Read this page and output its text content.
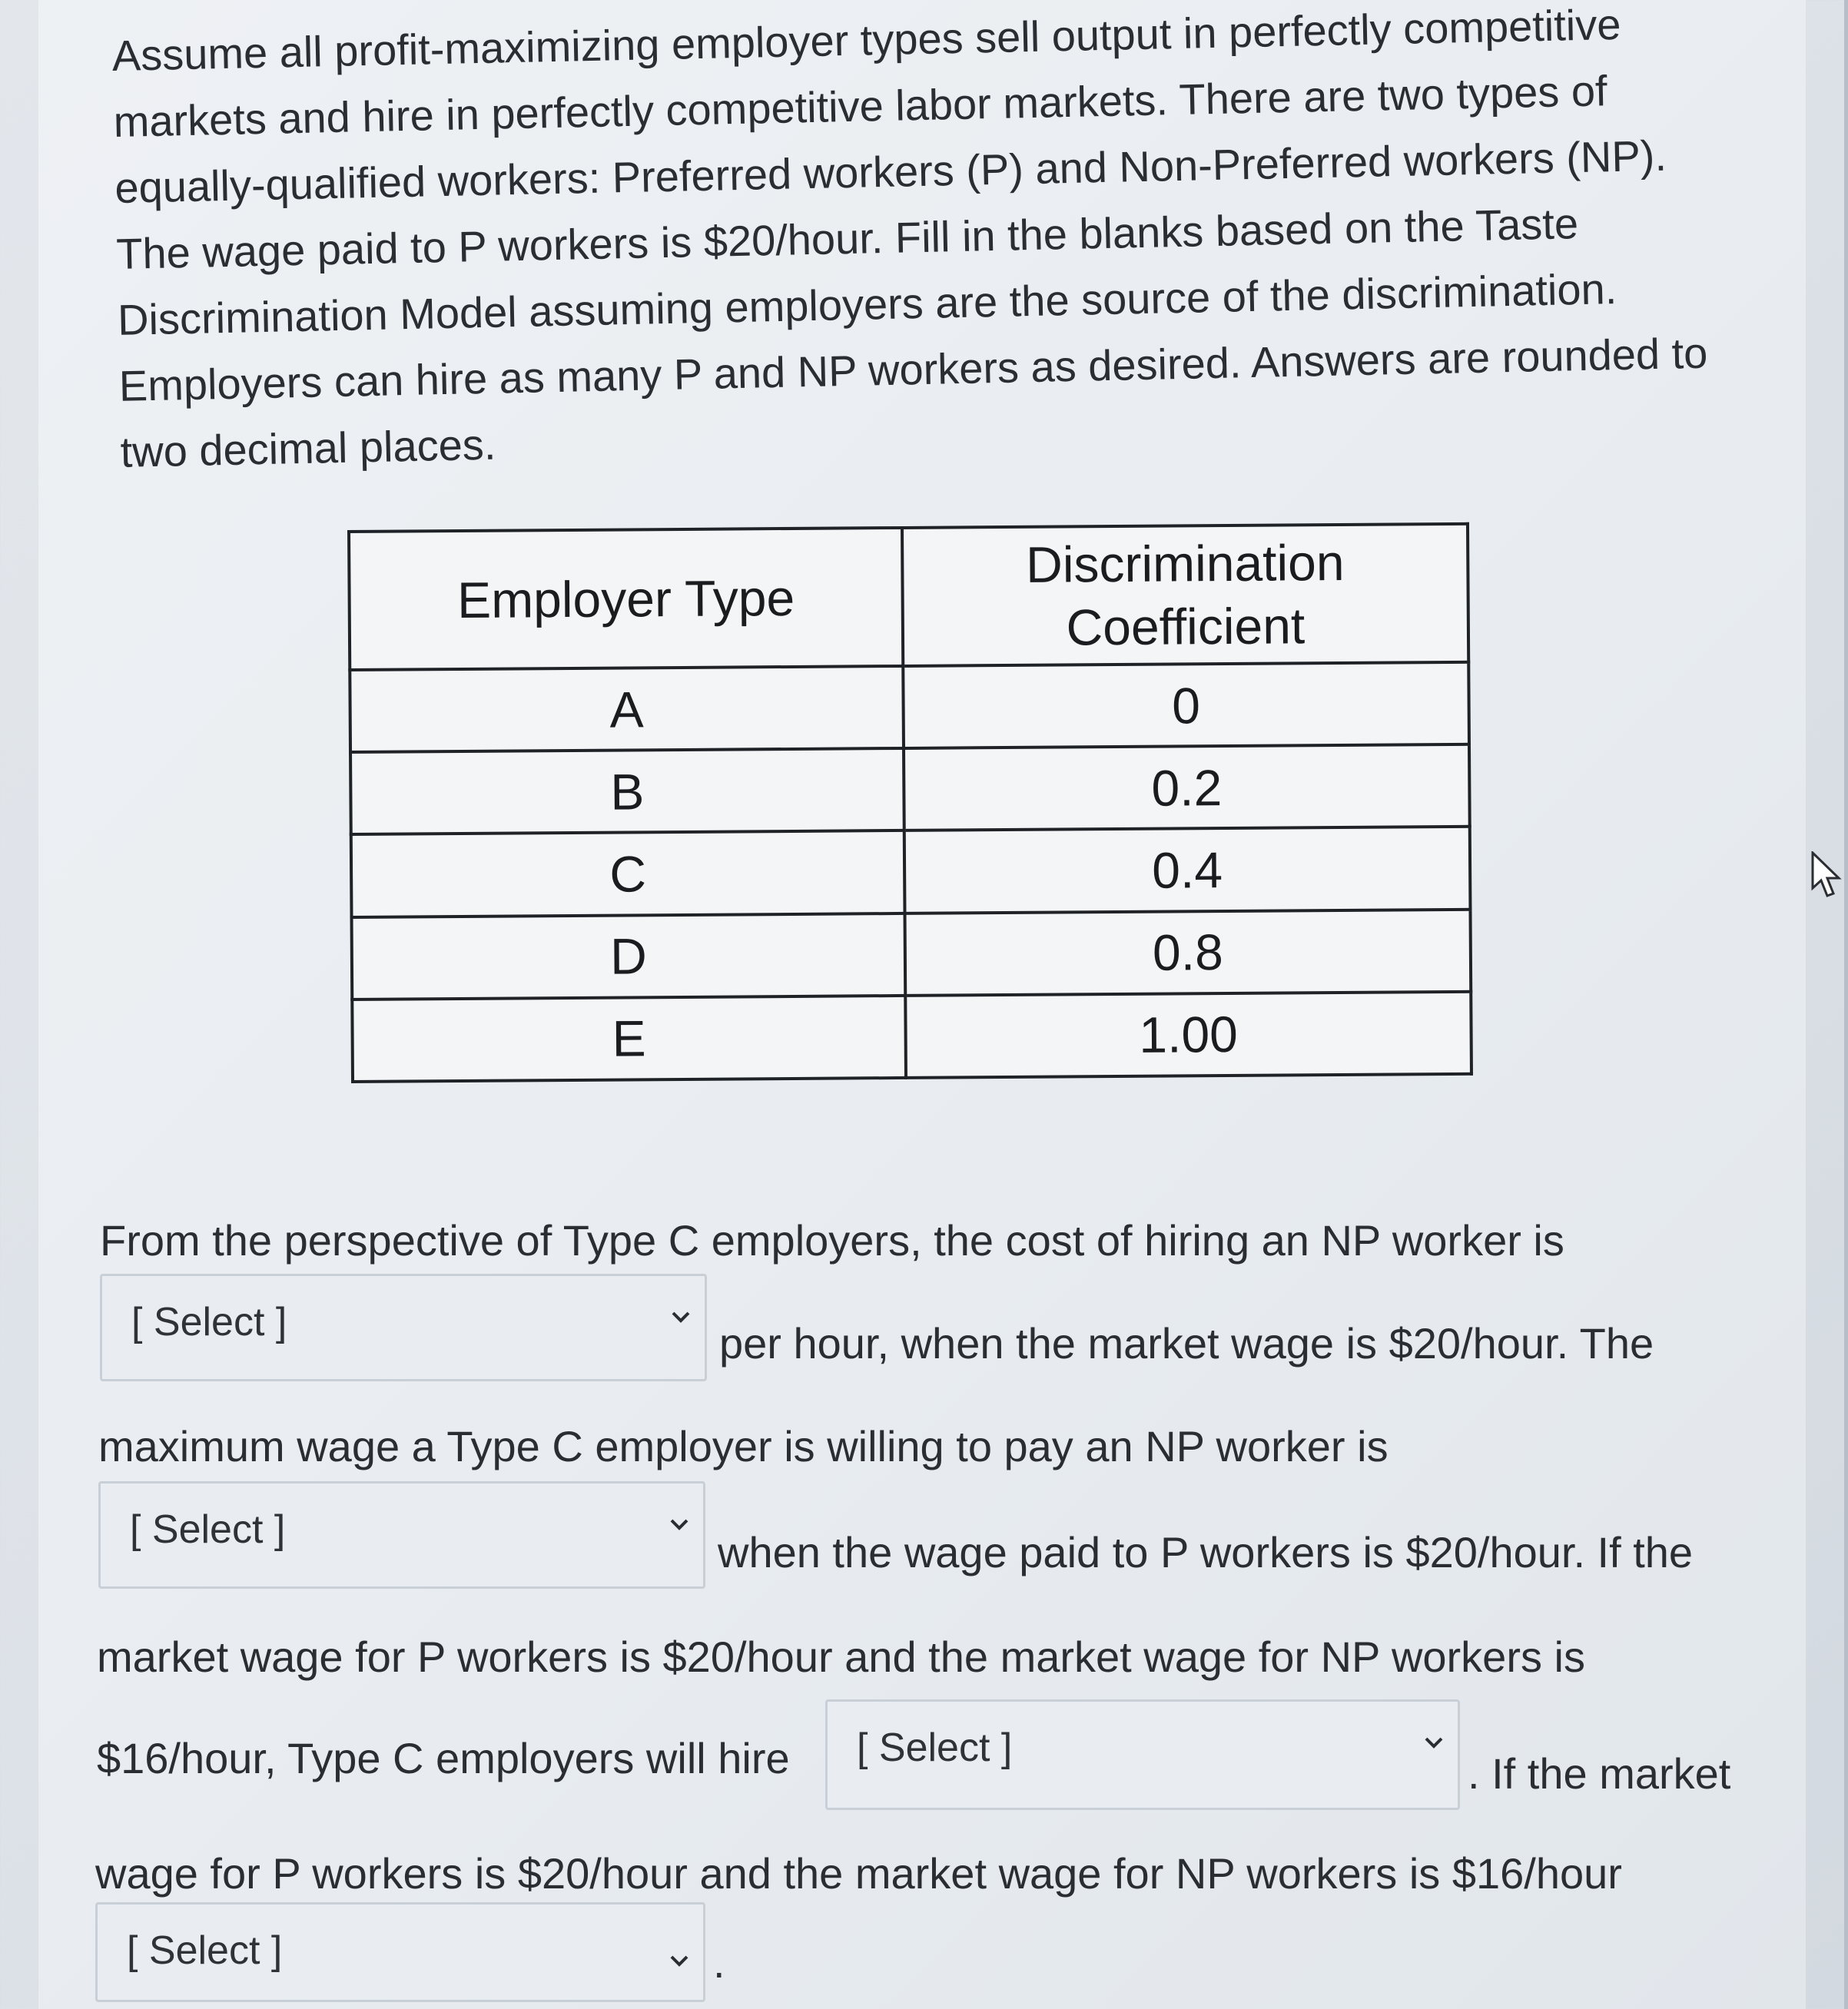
Assume all profit-maximizing employer types sell output in perfectly competitive markets and hire in perfectly competitive labor markets. There are two types of equally-qualified workers: Preferred workers (P) and Non-Preferred workers (NP). The wage paid to P workers is $20/hour. Fill in the blanks based on the Taste Discrimination Model assuming employers are the source of the discrimination. Employers can hire as many P and NP workers as desired. Answers are rounded to two decimal places.

Employer Type	Discrimination Coefficient
A	0
B	0.2
C	0.4
D	0.8
E	1.00

From the perspective of Type C employers, the cost of hiring an NP worker is

[ Select ]	per hour, when the market wage is $20/hour. The

maximum wage a Type C employer is willing to pay an NP worker is

[ Select ]	when the wage paid to P workers is $20/hour. If the

market wage for P workers is $20/hour and the market wage for NP workers is

$16/hour, Type C employers will hire	[ Select ]

. If the market

wage for P workers is $20/hour and the market wage for NP workers is $16/hour

[ Select ]	.
